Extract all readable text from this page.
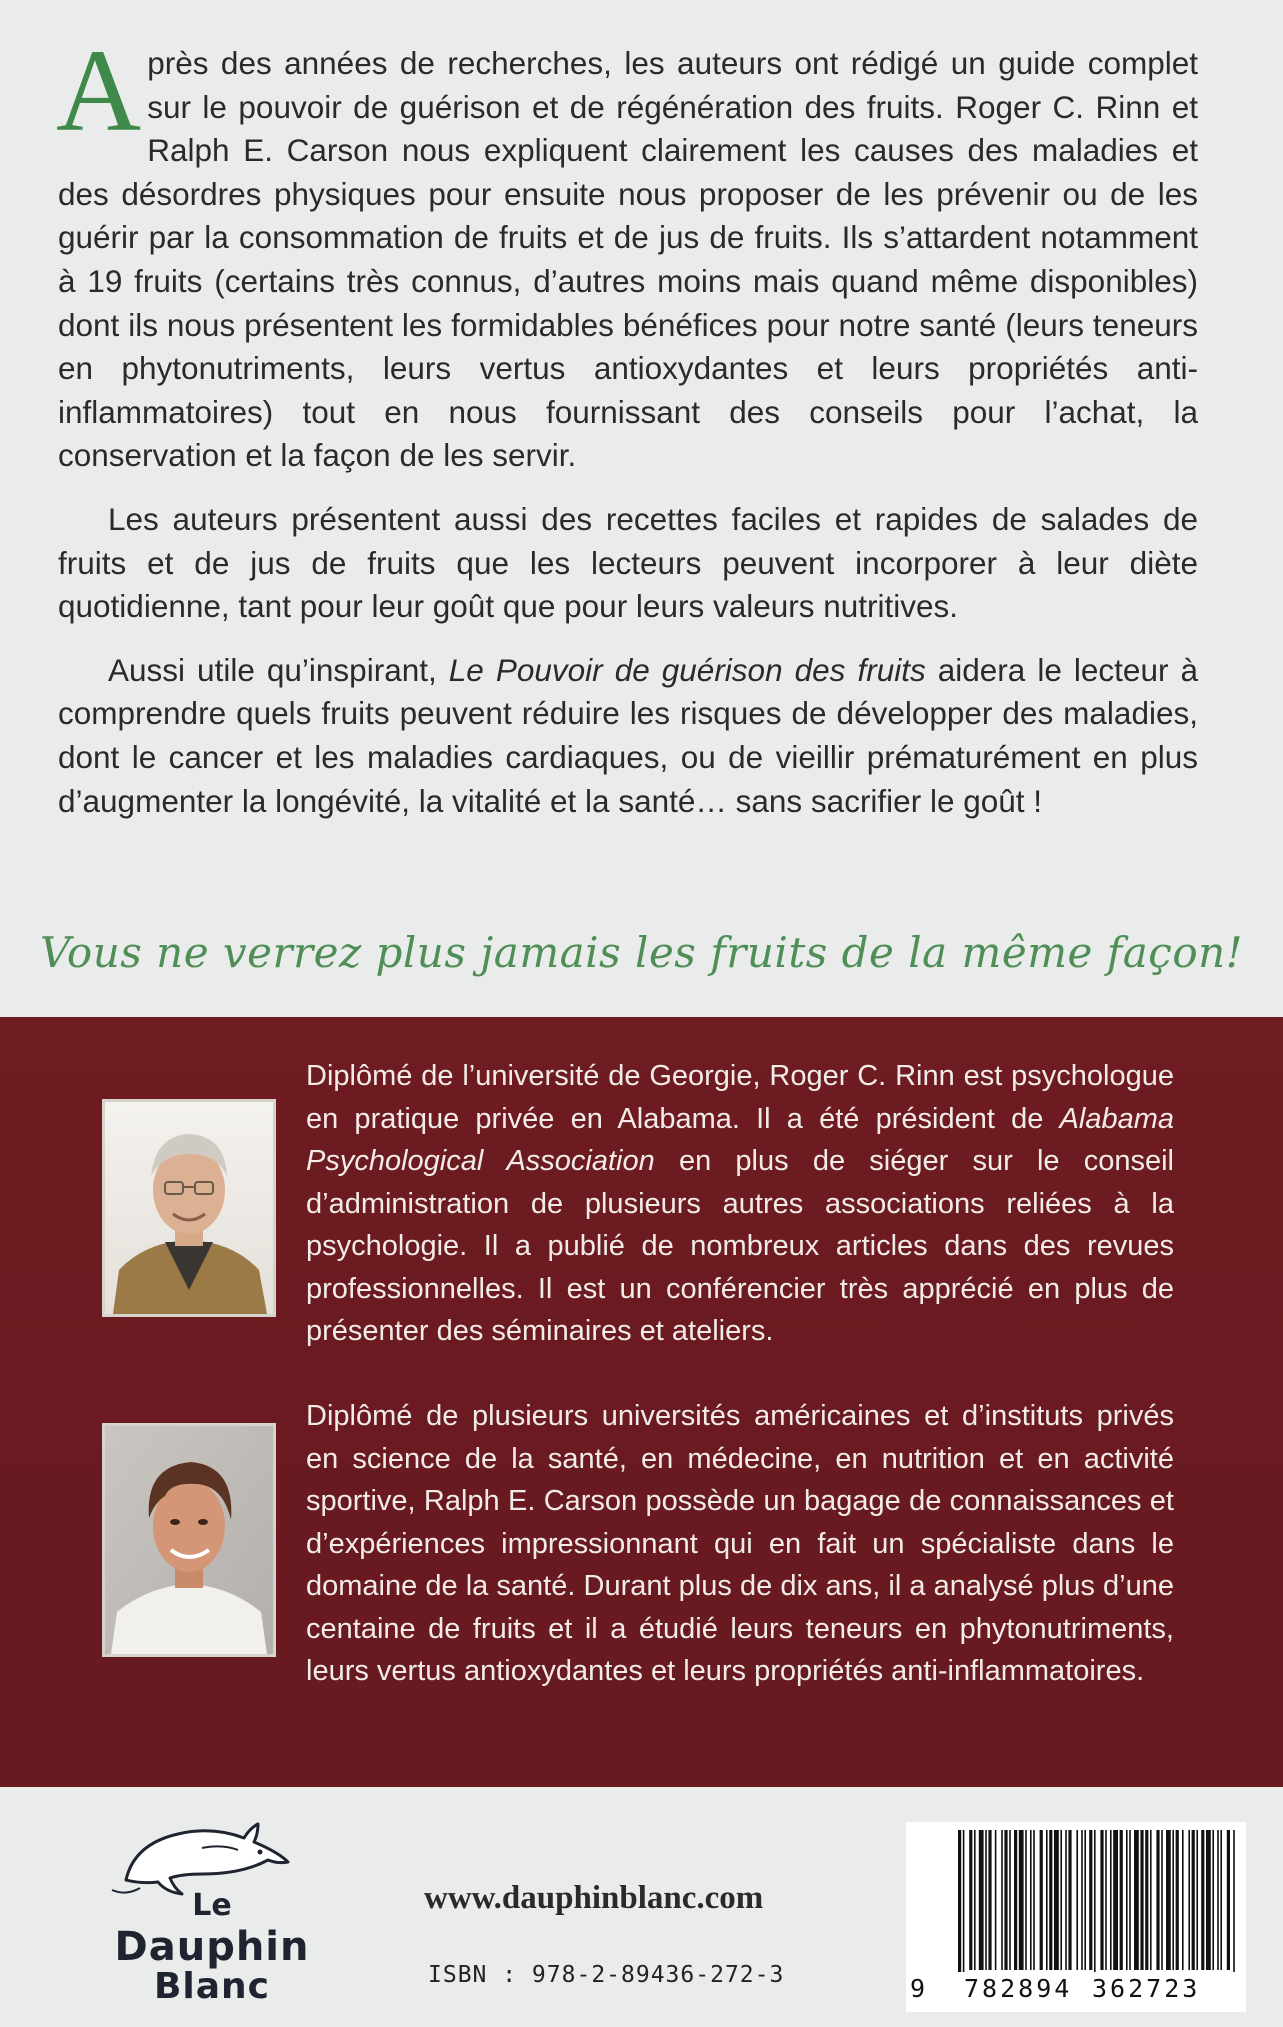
Après des années de recherches, les auteurs ont rédigé un guide complet sur le pouvoir de guérison et de régénération des fruits. Roger C. Rinn et Ralph E. Carson nous expliquent clairement les causes des maladies et des désordres physiques pour ensuite nous proposer de les prévenir ou de les guérir par la consommation de fruits et de jus de fruits. Ils s’attardent notamment à 19 fruits (certains très connus, d’autres moins mais quand même disponibles) dont ils nous présentent les formidables bénéfices pour notre santé (leurs teneurs en phytonutriments, leurs vertus antioxydantes et leurs propriétés anti-inflammatoires) tout en nous fournissant des conseils pour l’achat, la conservation et la façon de les servir.

Les auteurs présentent aussi des recettes faciles et rapides de salades de fruits et de jus de fruits que les lecteurs peuvent incorporer à leur diète quotidienne, tant pour leur goût que pour leurs valeurs nutritives.

Aussi utile qu’inspirant, Le Pouvoir de guérison des fruits aidera le lecteur à comprendre quels fruits peuvent réduire les risques de développer des maladies, dont le cancer et les maladies cardiaques, ou de vieillir prématurément en plus d’augmenter la longévité, la vitalité et la santé… sans sacrifier le goût !

Vous ne verrez plus jamais les fruits de la même façon!

Diplômé de l’université de Georgie, Roger C. Rinn est psychologue en pratique privée en Alabama. Il a été président de Alabama Psychological Association en plus de siéger sur le conseil d’administration de plusieurs autres associations reliées à la psychologie. Il a publié de nombreux articles dans des revues professionnelles. Il est un conférencier très apprécié en plus de présenter des séminaires et ateliers.

Diplômé de plusieurs universités américaines et d’instituts privés en science de la santé, en médecine, en nutrition et en activité sportive, Ralph E. Carson possède un bagage de connaissances et d’expériences impressionnant qui en fait un spécialiste dans le domaine de la santé. Durant plus de dix ans, il a analysé plus d’une centaine de fruits et il a étudié leurs teneurs en phytonutriments, leurs vertus antioxydantes et leurs propriétés anti-inflammatoires.

Le
Dauphin
Blanc
www.dauphinblanc.com
ISBN : 978-2-89436-272-3	9 782894 362723
